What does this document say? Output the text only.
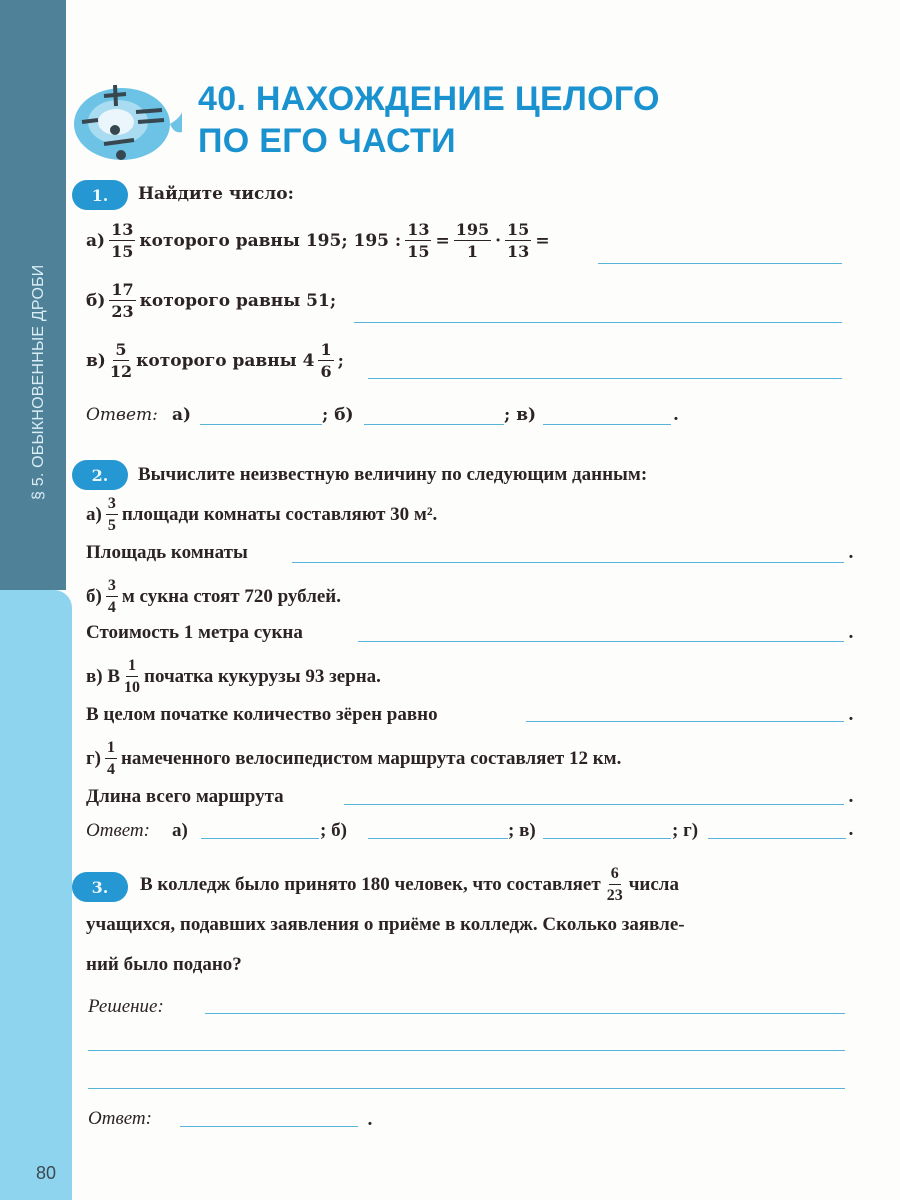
§ 5. ОБЫКНОВЕННЫЕ ДРОБИ
80
40. НАХОЖДЕНИЕ ЦЕЛОГО
ПО ЕГО ЧАСТИ
1.	Найдите число:
$а) \frac{13}{15}$ которого равны 195; 195 : $\frac{13}{15} = \frac{195}{1} \cdot \frac{15}{13}$ =
$б) \frac{17}{23}$ которого равны 51;
$в) \frac{5}{12}$ которого равны $4 \frac{1}{6}$ ;
Ответ: а)	; б)	; в)	.
2.	Вычислите неизвестную величину по следующим данным:
$а) \frac{3}{5}$ площади комнаты составляют 30 м².
Площадь комнаты	.
$б) \frac{3}{4}$ м сукна стоят 720 рублей.
Стоимость 1 метра сукна	.
в) В $\frac{1}{10}$ початка кукурузы 93 зерна.
В целом початке количество зёрен равно	.
$г) \frac{1}{4}$ намеченного велосипедистом маршрута составляет 12 км.
Длина всего маршрута	.
Ответ: а)	; б)	; в)	; г)	.
3.	В колледж было принято 180 человек, что составляет $\frac{6}{23}$ числа
учащихся, подавших заявления о приёме в колледж. Сколько заявле-
ний было подано?
Решение:
Ответ:	.
